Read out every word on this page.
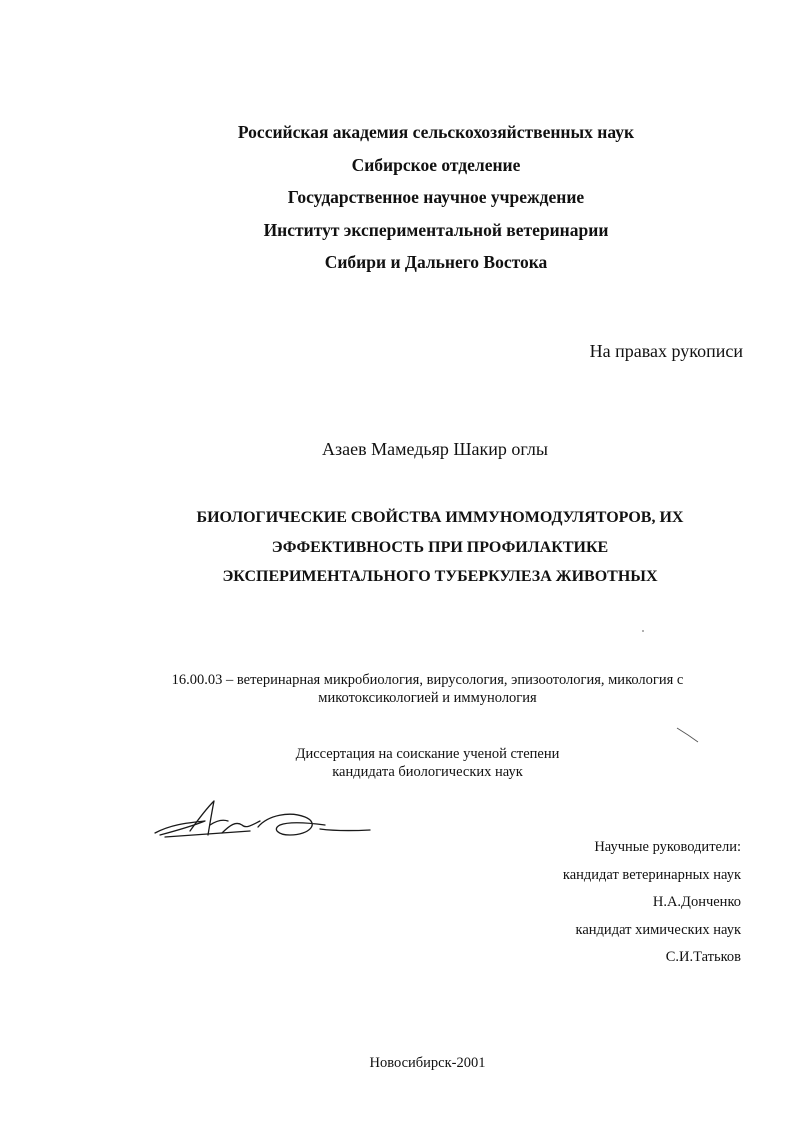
Российская академия сельскохозяйственных наук
Сибирское отделение
Государственное научное учреждение
Институт экспериментальной ветеринарии
Сибири и Дальнего Востока
На правах рукописи
Азаев Мамедьяр Шакир оглы
БИОЛОГИЧЕСКИЕ СВОЙСТВА ИММУНОМОДУЛЯТОРОВ, ИХ
ЭФФЕКТИВНОСТЬ ПРИ ПРОФИЛАКТИКЕ
ЭКСПЕРИМЕНТАЛЬНОГО ТУБЕРКУЛЕЗА ЖИВОТНЫХ
16.00.03 – ветеринарная микробиология, вирусология, эпизоотология, микология с
микотоксикологией и иммунология
Диссертация на соискание ученой степени
кандидата биологических наук
Научные руководители:
кандидат ветеринарных наук
Н.А.Донченко
кандидат химических наук
С.И.Татьков
Новосибирск-2001
